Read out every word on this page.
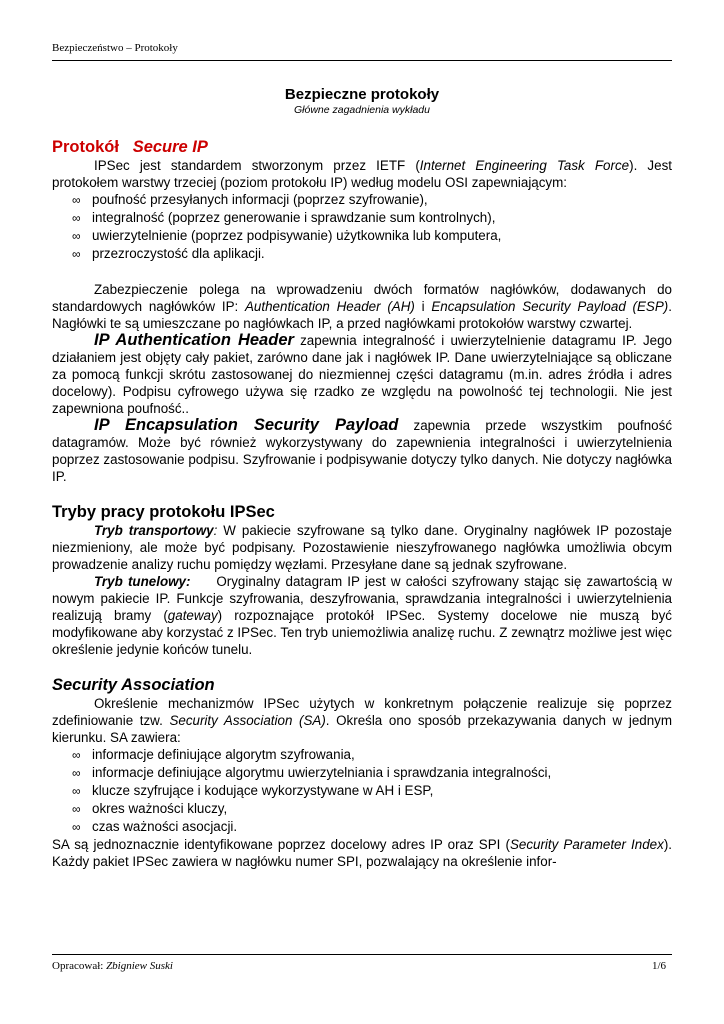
Bezpieczeństwo – Protokoły
Bezpieczne protokoły
Główne zagadnienia wykładu
Protokół Secure IP

IPSec jest standardem stworzonym przez IETF (Internet Engineering Task Force). Jest protokołem warstwy trzeciej (poziom protokołu IP) według modelu OSI zapewniającym:

∞ poufność przesyłanych informacji (poprzez szyfrowanie),
∞ integralność (poprzez generowanie i sprawdzanie sum kontrolnych),
∞ uwierzytelnienie (poprzez podpisywanie) użytkownika lub komputera,
∞ przezroczystość dla aplikacji.

Zabezpieczenie polega na wprowadzeniu dwóch formatów nagłówków, dodawanych do standardowych nagłówków IP: Authentication Header (AH) i Encapsulation Security Payload (ESP). Nagłówki te są umieszczane po nagłówkach IP, a przed nagłówkami protokołów warstwy czwartej.

IP Authentication Header zapewnia integralność i uwierzytelnienie datagramu IP. Jego działaniem jest objęty cały pakiet, zarówno dane jak i nagłówek IP. Dane uwierzytelniające są obliczane za pomocą funkcji skrótu zastosowanej do niezmiennej części datagramu (m.in. adres źródła i adres docelowy). Podpisu cyfrowego używa się rzadko ze względu na powolność tej technologii. Nie jest zapewniona poufność..

IP Encapsulation Security Payload zapewnia przede wszystkim poufność datagramów. Może być również wykorzystywany do zapewnienia integralności i uwierzytelnienia poprzez zastosowanie podpisu. Szyfrowanie i podpisywanie dotyczy tylko danych. Nie dotyczy nagłówka IP.

Tryby pracy protokołu IPSec

Tryb transportowy: W pakiecie szyfrowane są tylko dane. Oryginalny nagłówek IP pozostaje niezmieniony, ale może być podpisany. Pozostawienie nieszyfrowanego nagłówka umożliwia obcym prowadzenie analizy ruchu pomiędzy węzłami. Przesyłane dane są jednak szyfrowane.

Tryb tunelowy:     Oryginalny datagram IP jest w całości szyfrowany stając się zawartością w nowym pakiecie IP. Funkcje szyfrowania, deszyfrowania, sprawdzania integralności i uwierzytelnienia realizują bramy (gateway) rozpoznające protokół IPSec. Systemy docelowe nie muszą być modyfikowane aby korzystać z IPSec. Ten tryb uniemożliwia analizę ruchu. Z zewnątrz możliwe jest więc określenie jedynie końców tunelu.

Security Association

Określenie mechanizmów IPSec użytych w konkretnym połączenie realizuje się poprzez zdefiniowanie tzw. Security Association (SA). Określa ono sposób przekazywania danych w jednym kierunku. SA zawiera:

∞ informacje definiujące algorytm szyfrowania,
∞ informacje definiujące algorytmu uwierzytelniania i sprawdzania integralności,
∞ klucze szyfrujące i kodujące wykorzystywane w AH i ESP,
∞ okres ważności kluczy,
∞ czas ważności asocjacji.

SA są jednoznacznie identyfikowane poprzez docelowy adres IP oraz SPI (Security Parameter Index). Każdy pakiet IPSec zawiera w nagłówku numer SPI, pozwalający na określenie infor-

Opracował: Zbigniew Suski	1/6
